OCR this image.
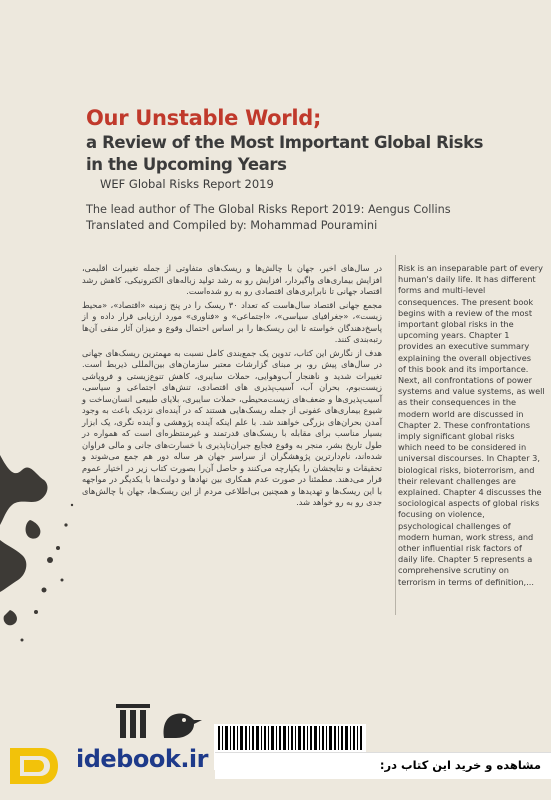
Our Unstable World;
a Review of the Most Important Global Risks
in the Upcoming Years
WEF Global Risks Report 2019
The lead author of The Global Risks Report 2019: Aengus Collins
Translated and Compiled by: Mohammad Pouramini

در سال‌های اخیر، جهان با چالش‌ها و ریسک‌های متفاوتی از جمله تغییرات اقلیمی، افزایش بیماری‌های واگیردار، افزایش رو به رشد تولید زباله‌های الکترونیکی، کاهش رشد اقتصاد جهانی تا نابرابری‌های اقتصادی رو به رو شده‌است.

مجمع جهانی اقتصاد سال‌هاست که تعداد ۳۰ ریسک را در پنج زمینه «اقتصاد»، «محیط زیست»، «جغرافیای سیاسی»، «اجتماعی» و «فناوری» مورد ارزیابی قرار داده و از پاسخ‌دهندگان خواسته تا این ریسک‌ها را بر اساس احتمال وقوع و میزان آثار منفی آن‌ها رتبه‌بندی کنند.

هدف از نگارش این کتاب، تدوین یک جمع‌بندی کامل نسبت به مهمترین ریسک‌های جهانی در سال‌های پیش رو، بر مبنای گزارشات معتبر سازمان‌های بین‌المللی ذیربط است. تغییرات شدید و ناهنجار آب‌وهوایی، حملات سایبری، کاهش تنوع‌زیستی و فروپاشی زیست‌بوم، بحران آب، آسیب‌پذیری های اقتصادی، تنش‌های اجتماعی و سیاسی، آسیب‌پذیری‌ها و ضعف‌های زیست‌محیطی، حملات سایبری، بلایای طبیعی انسان‌ساخت و شیوع بیماری‌های عفونی از جمله ریسک‌هایی هستند که در آینده‌ای نزدیک باعث به وجود آمدن بحران‌های بزرگی خواهند شد. با علم اینکه آینده پژوهشی و آینده نگری، یک ابزار بسیار مناسب برای مقابله با ریسک‌های قدرتمند و غیرمنتظره‌ای است که همواره در طول تاریخ بشر، منجر به وقوع فجایع جبران‌ناپذیری با خسارت‌های جانی و مالی فراوان شده‌اند، نام‌دارترین پژوهشگران از سراسر جهان هر ساله دور هم جمع می‌شوند و تحقیقات و نتایجشان را یکپارچه می‌کنند و حاصل آن‌را بصورت کتاب زیر در اختیار عموم قرار می‌دهند. مطمئنا در صورت عدم همکاری بین نهادها و دولت‌ها با یکدیگر در مواجهه با این ریسک‌ها و تهدیدها و همچنین بی‌اطلاعی مردم از این ریسک‌ها، جهان با چالش‌های جدی رو به رو خواهد شد.

Risk is an inseparable part of every
human's daily life. It has different
forms and multi-level
consequences. The present book
begins with a review of the most
important global risks in the
upcoming years. Chapter 1
provides an executive summary
explaining the overall objectives
of this book and its importance.
Next, all confrontations of power
systems and value systems, as well
as their consequences in the
modern world are discussed in
Chapter 2. These confrontations
imply significant global risks
which need to be considered in
universal discourses. In Chapter 3,
biological risks, bioterrorism, and
their relevant challenges are
explained. Chapter 4 discusses the
sociological aspects of global risks
focusing on violence,
psychological challenges of
modern human, work stress, and
other influential risk factors of
daily life. Chapter 5 represents a
comprehensive scrutiny on
terrorism in terms of definition,...
مشاهده و خرید این کتاب در:
idebook.ir
